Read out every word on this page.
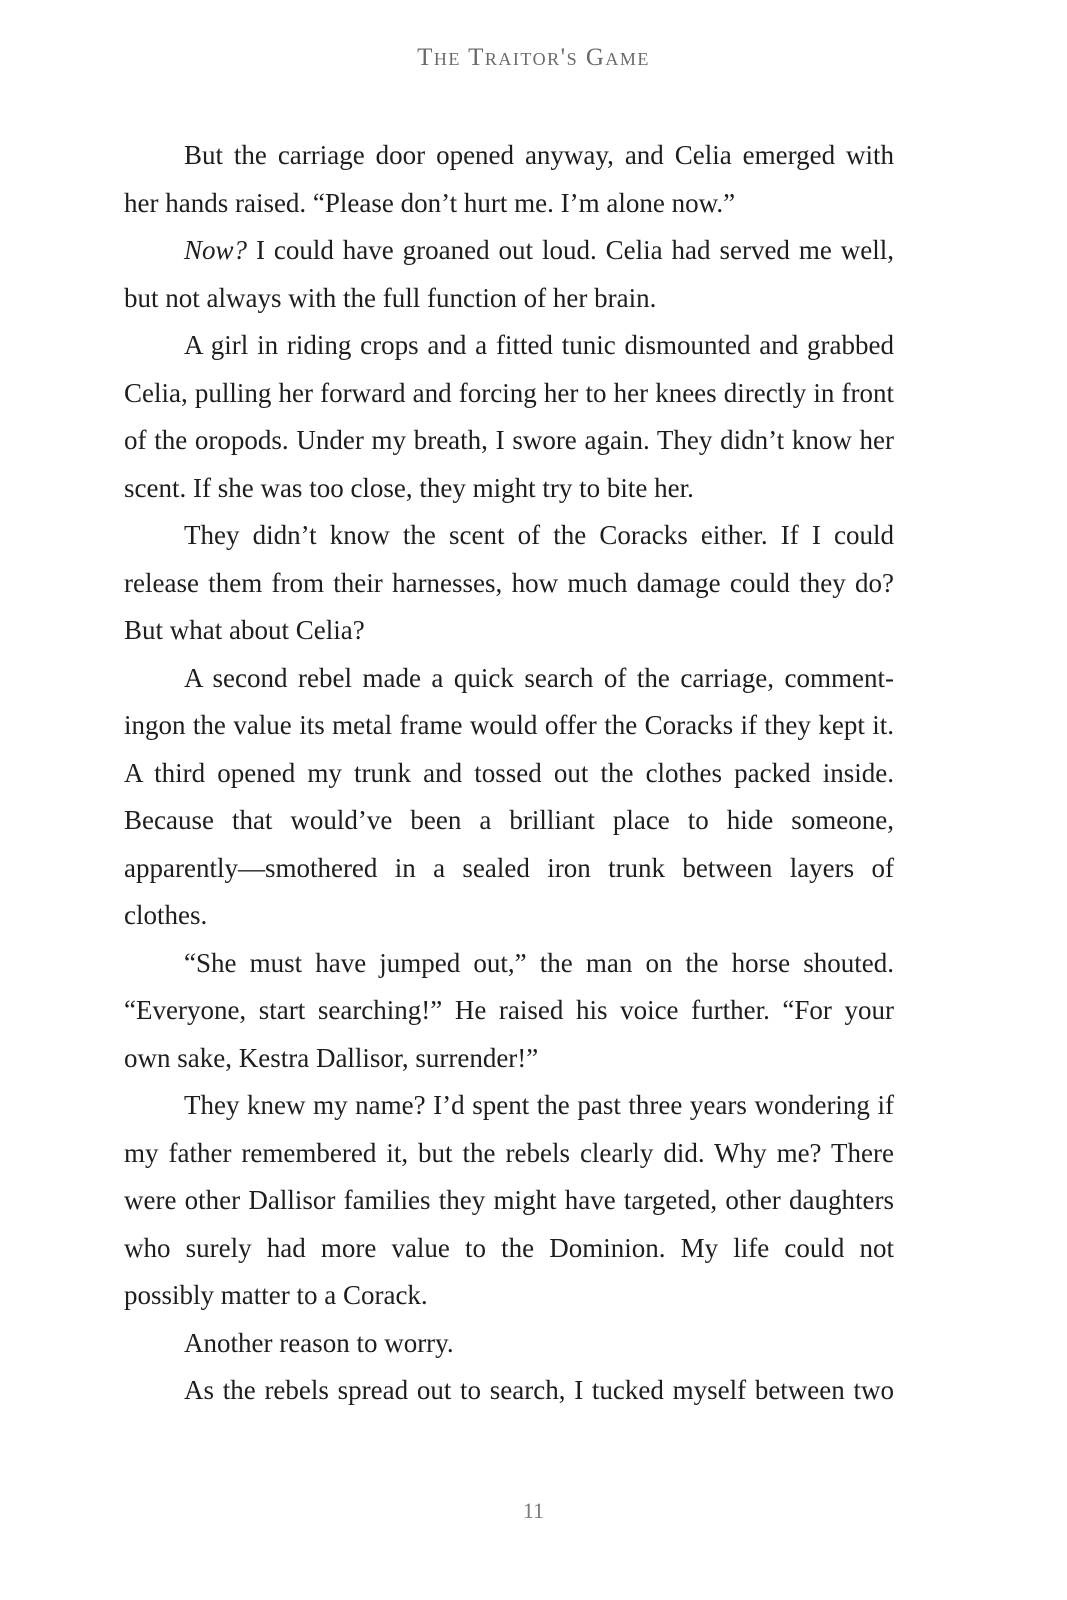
The Traitor's Game

But the carriage door opened anyway, and Celia emerged with her hands raised. “Please don’t hurt me. I’m alone now.”

Now? I could have groaned out loud. Celia had served me well, but not always with the full function of her brain.

A girl in riding crops and a fitted tunic dismounted and grabbed Celia, pulling her forward and forcing her to her knees directly in front of the oropods. Under my breath, I swore again. They didn’t know her scent. If she was too close, they might try to bite her.

They didn’t know the scent of the Coracks either. If I could release them from their harnesses, how much damage could they do? But what about Celia?

A second rebel made a quick search of the carriage, commentingon the value its metal frame would offer the Coracks if they kept it. A third opened my trunk and tossed out the clothes packed inside. Because that would’ve been a brilliant place to hide someone, apparently—smothered in a sealed iron trunk between layers of clothes.

“She must have jumped out,” the man on the horse shouted. “Everyone, start searching!” He raised his voice further. “For your own sake, Kestra Dallisor, surrender!”

They knew my name? I’d spent the past three years wondering if my father remembered it, but the rebels clearly did. Why me? There were other Dallisor families they might have targeted, other daughters who surely had more value to the Dominion. My life could not possibly matter to a Corack.

Another reason to worry.

As the rebels spread out to search, I tucked myself between two

11
